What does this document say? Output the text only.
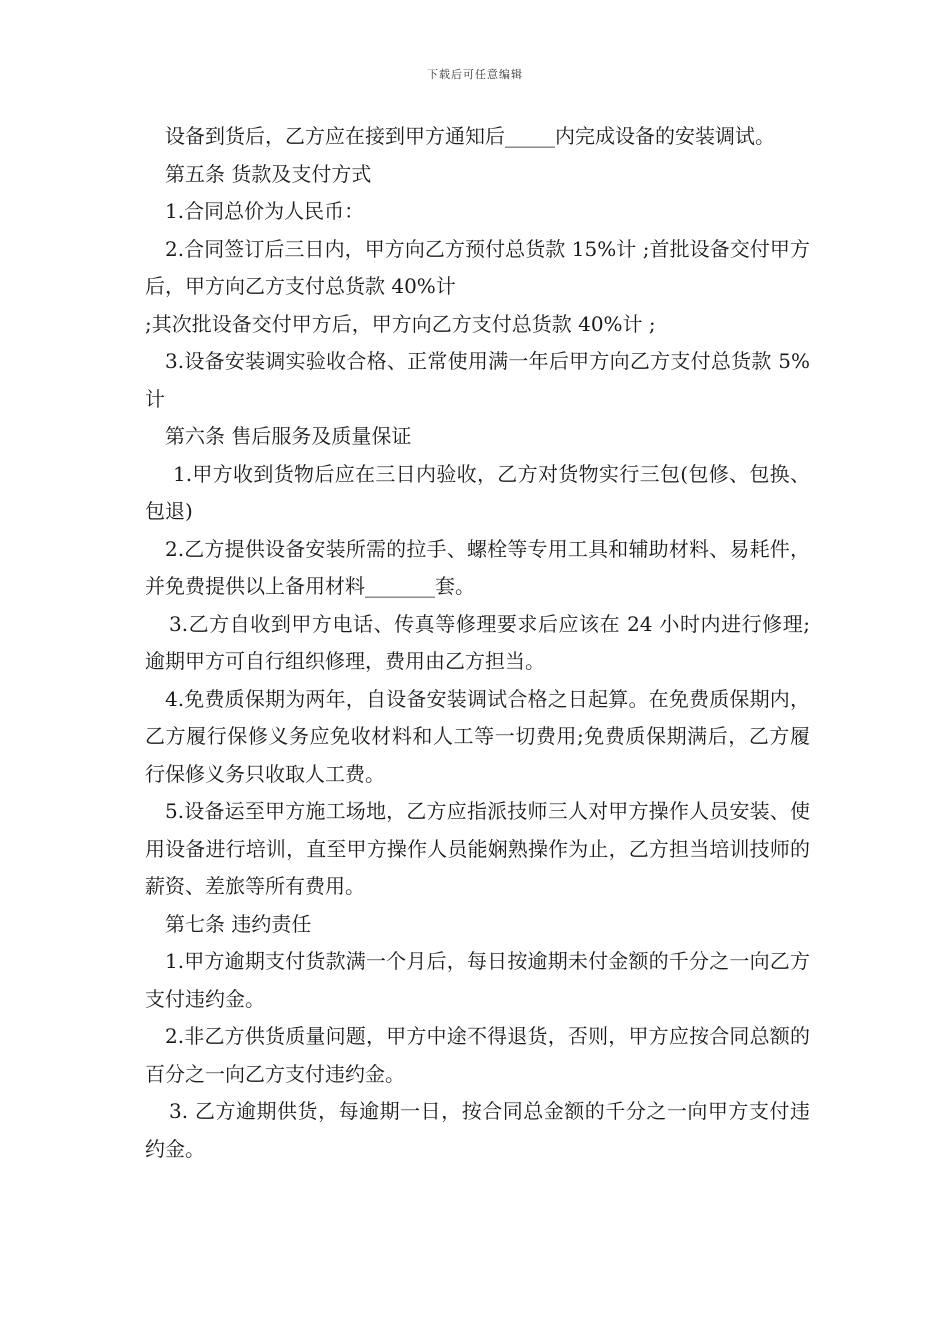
下载后可任意编辑

设备到货后，乙方应在接到甲方通知后_____内完成设备的安装调试。

第五条 货款及支付方式

1.合同总价为人民币：

2.合同签订后三日内，甲方向乙方预付总货款 15%计 ;首批设备交付甲方后，甲方向乙方支付总货款 40%计

;其次批设备交付甲方后，甲方向乙方支付总货款 40%计 ;

3.设备安装调实验收合格、正常使用满一年后甲方向乙方支付总货款 5%计

第六条 售后服务及质量保证

1.甲方收到货物后应在三日内验收，乙方对货物实行三包(包修、包换、包退)

2.乙方提供设备安装所需的拉手、螺栓等专用工具和辅助材料、易耗件，并免费提供以上备用材料_______套。

3.乙方自收到甲方电话、传真等修理要求后应该在 24 小时内进行修理;逾期甲方可自行组织修理，费用由乙方担当。

4.免费质保期为两年，自设备安装调试合格之日起算。在免费质保期内，乙方履行保修义务应免收材料和人工等一切费用;免费质保期满后，乙方履行保修义务只收取人工费。

5.设备运至甲方施工场地，乙方应指派技师三人对甲方操作人员安装、使用设备进行培训，直至甲方操作人员能娴熟操作为止，乙方担当培训技师的薪资、差旅等所有费用。

第七条 违约责任

1.甲方逾期支付货款满一个月后，每日按逾期未付金额的千分之一向乙方支付违约金。

2.非乙方供货质量问题，甲方中途不得退货，否则，甲方应按合同总额的百分之一向乙方支付违约金。

3. 乙方逾期供货，每逾期一日，按合同总金额的千分之一向甲方支付违约金。
